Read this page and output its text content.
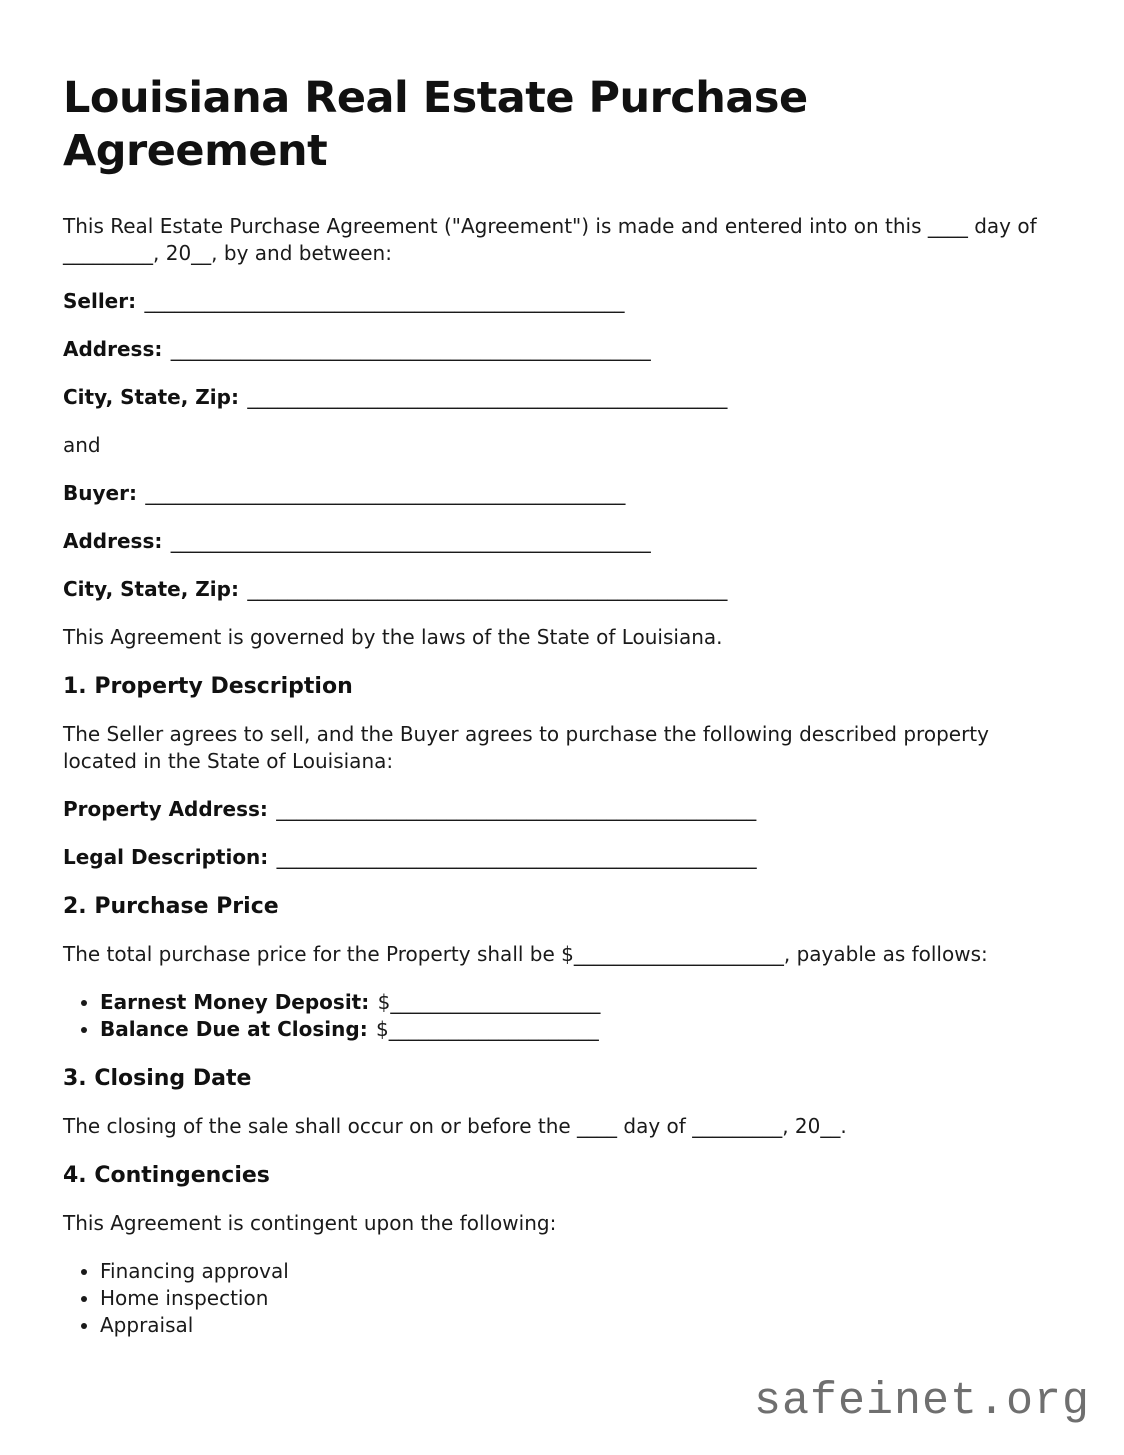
Louisiana Real Estate Purchase Agreement

This Real Estate Purchase Agreement ("Agreement") is made and entered into on this ____ day of _________, 20__, by and between:

Seller: ________________________________________________

Address: ________________________________________________

City, State, Zip: ________________________________________________

and

Buyer: ________________________________________________

Address: ________________________________________________

City, State, Zip: ________________________________________________

This Agreement is governed by the laws of the State of Louisiana.

1. Property Description

The Seller agrees to sell, and the Buyer agrees to purchase the following described property located in the State of Louisiana:

Property Address: ________________________________________________

Legal Description: ________________________________________________

2. Purchase Price

The total purchase price for the Property shall be $_____________________, payable as follows:

• Earnest Money Deposit: $_____________________
• Balance Due at Closing: $_____________________
3. Closing Date

The closing of the sale shall occur on or before the ____ day of _________, 20__.

4. Contingencies

This Agreement is contingent upon the following:

• Financing approval
• Home inspection
• Appraisal
safeinet.org
